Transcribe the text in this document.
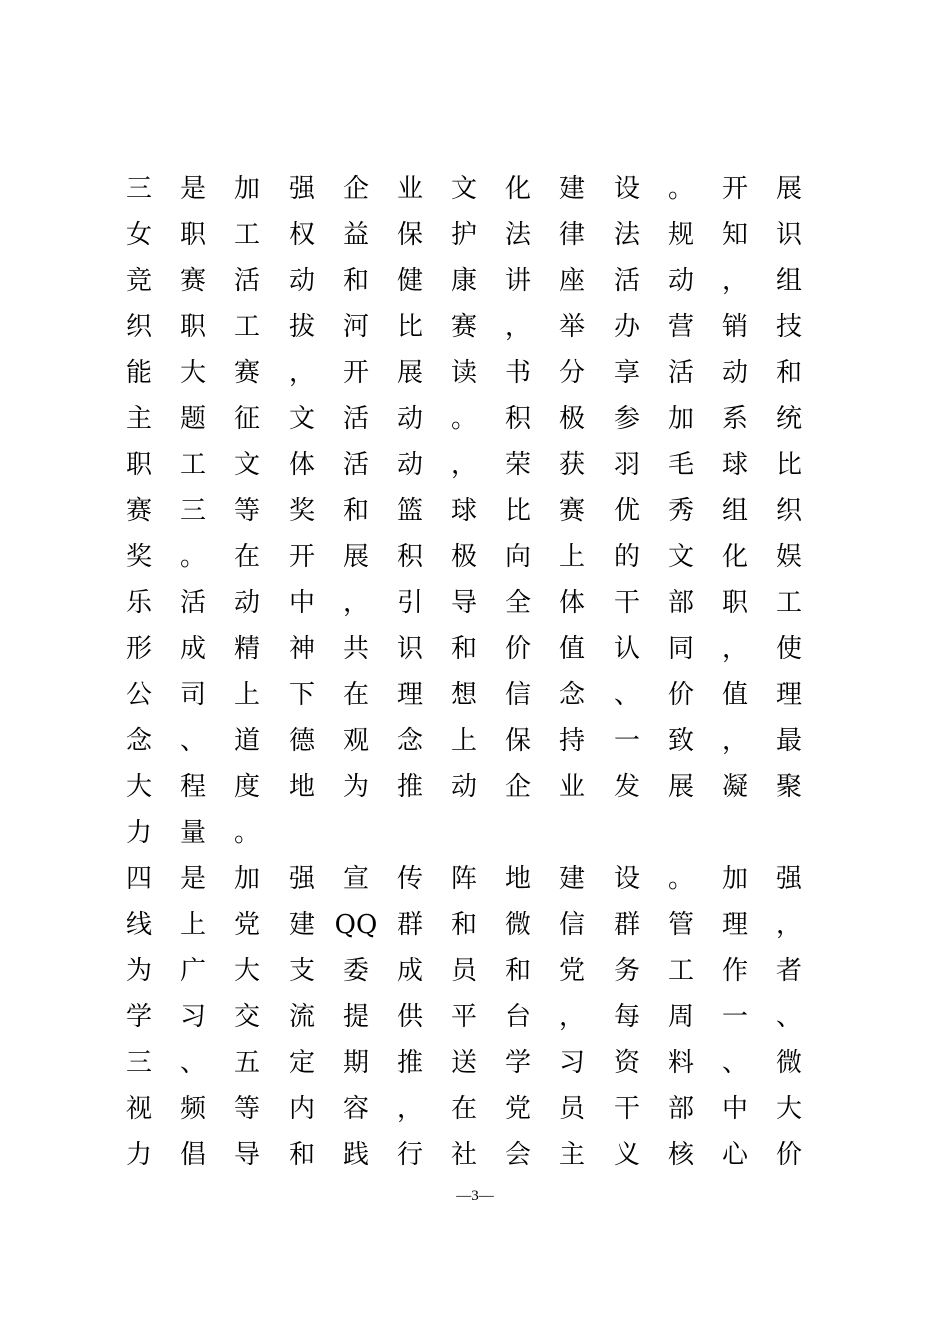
三 是 加 强 企 业 文 化 建 设 。 开 展
女 职 工 权 益 保 护 法 律 法 规 知 识
竞 赛 活 动 和 健 康 讲 座 活 动 ， 组
织 职 工 拔 河 比 赛 ， 举 办 营 销 技
能 大 赛 ， 开 展 读 书 分 享 活 动 和
主 题 征 文 活 动 。 积 极 参 加 系 统
职 工 文 体 活 动 ， 荣 获 羽 毛 球 比
赛 三 等 奖 和 篮 球 比 赛 优 秀 组 织
奖 。 在 开 展 积 极 向 上 的 文 化 娱
乐 活 动 中 ， 引 导 全 体 干 部 职 工
形 成 精 神 共 识 和 价 值 认 同 ， 使
公 司 上 下 在 理 想 信 念 、 价 值 理
念 、 道 德 观 念 上 保 持 一 致 ， 最
大 程 度 地 为 推 动 企 业 发 展 凝 聚
力 量 。
四 是 加 强 宣 传 阵 地 建 设 。 加 强
线 上 党 建 QQ 群 和 微 信 群 管 理 ，
为 广 大 支 委 成 员 和 党 务 工 作 者
学 习 交 流 提 供 平 台 ， 每 周 一 、
三 、 五 定 期 推 送 学 习 资 料 、 微
视 频 等 内 容 ， 在 党 员 干 部 中 大
力 倡 导 和 践 行 社 会 主 义 核 心 价
—3—
